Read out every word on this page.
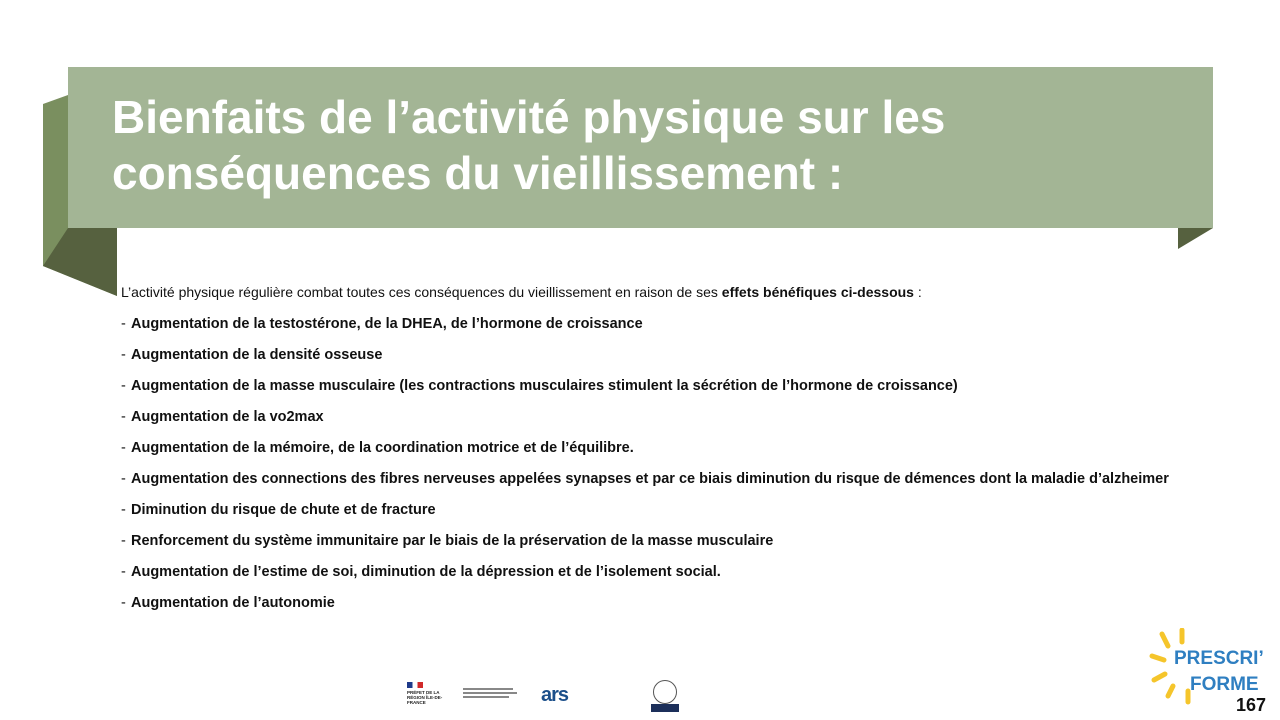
Bienfaits de l’activité physique sur les
conséquences du vieillissement :

L’activité physique régulière combat toutes ces conséquences du vieillissement en raison de ses effets bénéfiques ci-dessous :

- Augmentation de la testostérone, de la DHEA, de l’hormone de croissance
- Augmentation de la densité osseuse
- Augmentation de la masse musculaire (les contractions musculaires stimulent la sécrétion de l’hormone de croissance)
- Augmentation de la vo2max
- Augmentation de la mémoire, de la coordination motrice et de l’équilibre.
- Augmentation des connections des fibres nerveuses appelées synapses et par ce biais diminution du risque de démences dont la maladie d’alzheimer
- Diminution du risque de chute et de fracture
- Renforcement du système immunitaire par le biais de la préservation de la masse musculaire
- Augmentation de l’estime de soi, diminution de la dépression et de l’isolement social.
- Augmentation de l’autonomie
PRÉFET DE LA RÉGION ÎLE-DE-FRANCE	ars
PRESCRI’
FORME
167
